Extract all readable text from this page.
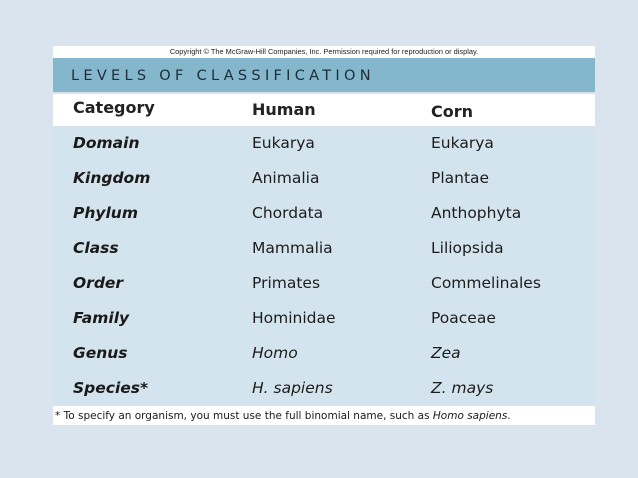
Copyright © The McGraw-Hill Companies, Inc. Permission required for reproduction or display.
LEVELS OF CLASSIFICATION
Category	Human	Corn
Domain	Eukarya	Eukarya
Kingdom	Animalia	Plantae
Phylum	Chordata	Anthophyta
Class	Mammalia	Liliopsida
Order	Primates	Commelinales
Family	Hominidae	Poaceae
Genus	Homo	Zea
Species*	H. sapiens	Z. mays
* To specify an organism, you must use the full binomial name, such as Homo sapiens.
